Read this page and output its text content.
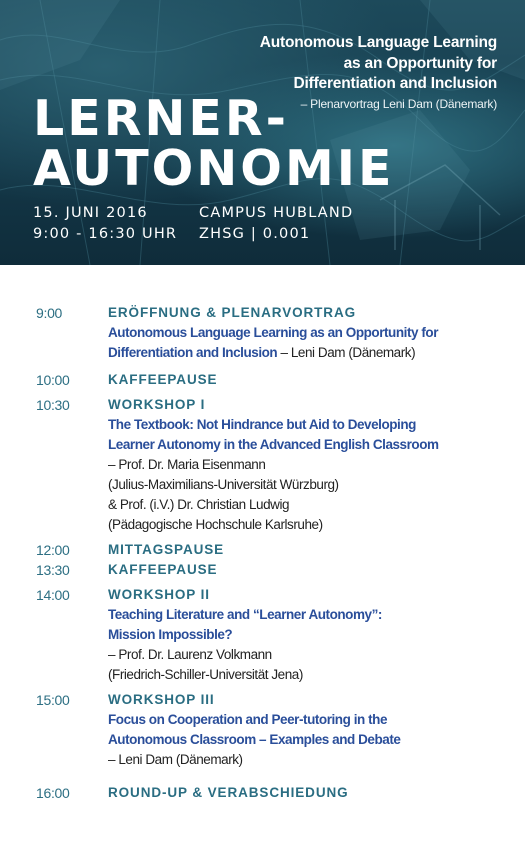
Autonomous Language Learning
as an Opportunity for
Differentiation and Inclusion
– Plenarvortrag Leni Dam (Dänemark)
LERNER-
AUTONOMIE
15. JUNI 2016
9:00 - 16:30 UHR
CAMPUS HUBLAND
ZHSG | 0.001
9:00	ERÖFFNUNG & PLENARVORTRAG
Autonomous Language Learning as an Opportunity for
Differentiation and Inclusion – Leni Dam (Dänemark)
10:00	KAFFEEPAUSE
10:30	WORKSHOP I
The Textbook: Not Hindrance but Aid to Developing
Learner Autonomy in the Advanced English Classroom
– Prof. Dr. Maria Eisenmann
(Julius-Maximilians-Universität Würzburg)
& Prof. (i.V.) Dr. Christian Ludwig
(Pädagogische Hochschule Karlsruhe)
12:00	MITTAGSPAUSE
13:30	KAFFEEPAUSE
14:00	WORKSHOP II
Teaching Literature and “Learner Autonomy”:
Mission Impossible?
– Prof. Dr. Laurenz Volkmann
(Friedrich-Schiller-Universität Jena)
15:00	WORKSHOP III
Focus on Cooperation and Peer-tutoring in the
Autonomous Classroom – Examples and Debate
– Leni Dam (Dänemark)
16:00	ROUND-UP & VERABSCHIEDUNG
